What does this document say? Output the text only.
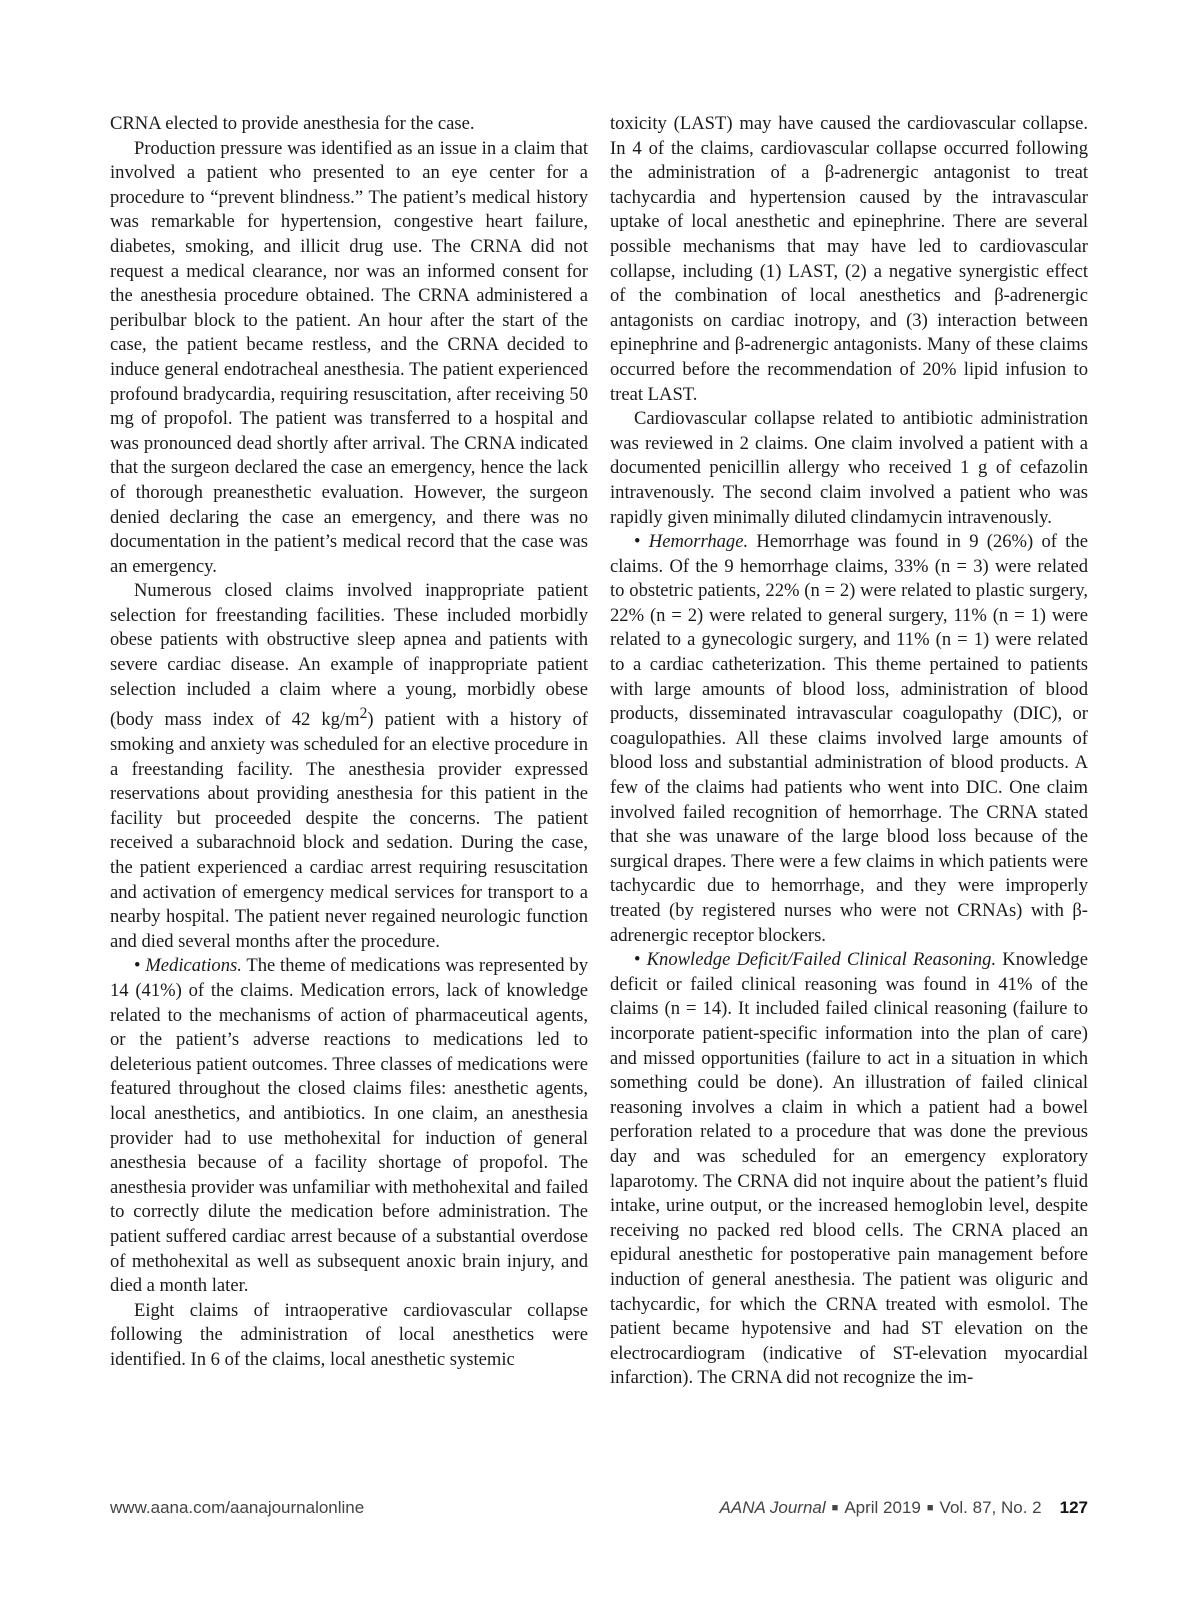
CRNA elected to provide anesthesia for the case.

Production pressure was identified as an issue in a claim that involved a patient who presented to an eye center for a procedure to “prevent blindness.” The patient’s medical history was remarkable for hypertension, congestive heart failure, diabetes, smoking, and illicit drug use. The CRNA did not request a medical clearance, nor was an informed consent for the anesthesia procedure obtained. The CRNA administered a peribulbar block to the patient. An hour after the start of the case, the patient became restless, and the CRNA decided to induce general endotracheal anesthesia. The patient experienced profound bradycardia, requiring resuscitation, after receiving 50 mg of propofol. The patient was transferred to a hospital and was pronounced dead shortly after arrival. The CRNA indicated that the surgeon declared the case an emergency, hence the lack of thorough preanesthetic evaluation. However, the surgeon denied declaring the case an emergency, and there was no documentation in the patient’s medical record that the case was an emergency.

Numerous closed claims involved inappropriate patient selection for freestanding facilities. These included morbidly obese patients with obstructive sleep apnea and patients with severe cardiac disease. An example of inappropriate patient selection included a claim where a young, morbidly obese (body mass index of 42 $kg/m^2$) patient with a history of smoking and anxiety was scheduled for an elective procedure in a freestanding facility. The anesthesia provider expressed reservations about providing anesthesia for this patient in the facility but proceeded despite the concerns. The patient received a subarachnoid block and sedation. During the case, the patient experienced a cardiac arrest requiring resuscitation and activation of emergency medical services for transport to a nearby hospital. The patient never regained neurologic function and died several months after the procedure.

• Medications. The theme of medications was represented by 14 (41%) of the claims. Medication errors, lack of knowledge related to the mechanisms of action of pharmaceutical agents, or the patient’s adverse reactions to medications led to deleterious patient outcomes. Three classes of medications were featured throughout the closed claims files: anesthetic agents, local anesthetics, and antibiotics. In one claim, an anesthesia provider had to use methohexital for induction of general anesthesia because of a facility shortage of propofol. The anesthesia provider was unfamiliar with methohexital and failed to correctly dilute the medication before administration. The patient suffered cardiac arrest because of a substantial overdose of methohexital as well as subsequent anoxic brain injury, and died a month later.

Eight claims of intraoperative cardiovascular collapse following the administration of local anesthetics were identified. In 6 of the claims, local anesthetic systemic

toxicity (LAST) may have caused the cardiovascular collapse. In 4 of the claims, cardiovascular collapse occurred following the administration of a β-adrenergic antagonist to treat tachycardia and hypertension caused by the intravascular uptake of local anesthetic and epinephrine. There are several possible mechanisms that may have led to cardiovascular collapse, including (1) LAST, (2) a negative synergistic effect of the combination of local anesthetics and β-adrenergic antagonists on cardiac inotropy, and (3) interaction between epinephrine and β-adrenergic antagonists. Many of these claims occurred before the recommendation of 20% lipid infusion to treat LAST.

Cardiovascular collapse related to antibiotic administration was reviewed in 2 claims. One claim involved a patient with a documented penicillin allergy who received 1 g of cefazolin intravenously. The second claim involved a patient who was rapidly given minimally diluted clindamycin intravenously.

• Hemorrhage. Hemorrhage was found in 9 (26%) of the claims. Of the 9 hemorrhage claims, 33% (n = 3) were related to obstetric patients, 22% (n = 2) were related to plastic surgery, 22% (n = 2) were related to general surgery, 11% (n = 1) were related to a gynecologic surgery, and 11% (n = 1) were related to a cardiac catheterization. This theme pertained to patients with large amounts of blood loss, administration of blood products, disseminated intravascular coagulopathy (DIC), or coagulopathies. All these claims involved large amounts of blood loss and substantial administration of blood products. A few of the claims had patients who went into DIC. One claim involved failed recognition of hemorrhage. The CRNA stated that she was unaware of the large blood loss because of the surgical drapes. There were a few claims in which patients were tachycardic due to hemorrhage, and they were improperly treated (by registered nurses who were not CRNAs) with β-adrenergic receptor blockers.

• Knowledge Deficit/Failed Clinical Reasoning. Knowledge deficit or failed clinical reasoning was found in 41% of the claims (n = 14). It included failed clinical reasoning (failure to incorporate patient-specific information into the plan of care) and missed opportunities (failure to act in a situation in which something could be done). An illustration of failed clinical reasoning involves a claim in which a patient had a bowel perforation related to a procedure that was done the previous day and was scheduled for an emergency exploratory laparotomy. The CRNA did not inquire about the patient’s fluid intake, urine output, or the increased hemoglobin level, despite receiving no packed red blood cells. The CRNA placed an epidural anesthetic for postoperative pain management before induction of general anesthesia. The patient was oliguric and tachycardic, for which the CRNA treated with esmolol. The patient became hypotensive and had ST elevation on the electrocardiogram (indicative of ST-elevation myocardial infarction). The CRNA did not recognize the im-

www.aana.com/aanajournalonline	AANA Journal ■ April 2019 ■ Vol. 87, No. 2 127
